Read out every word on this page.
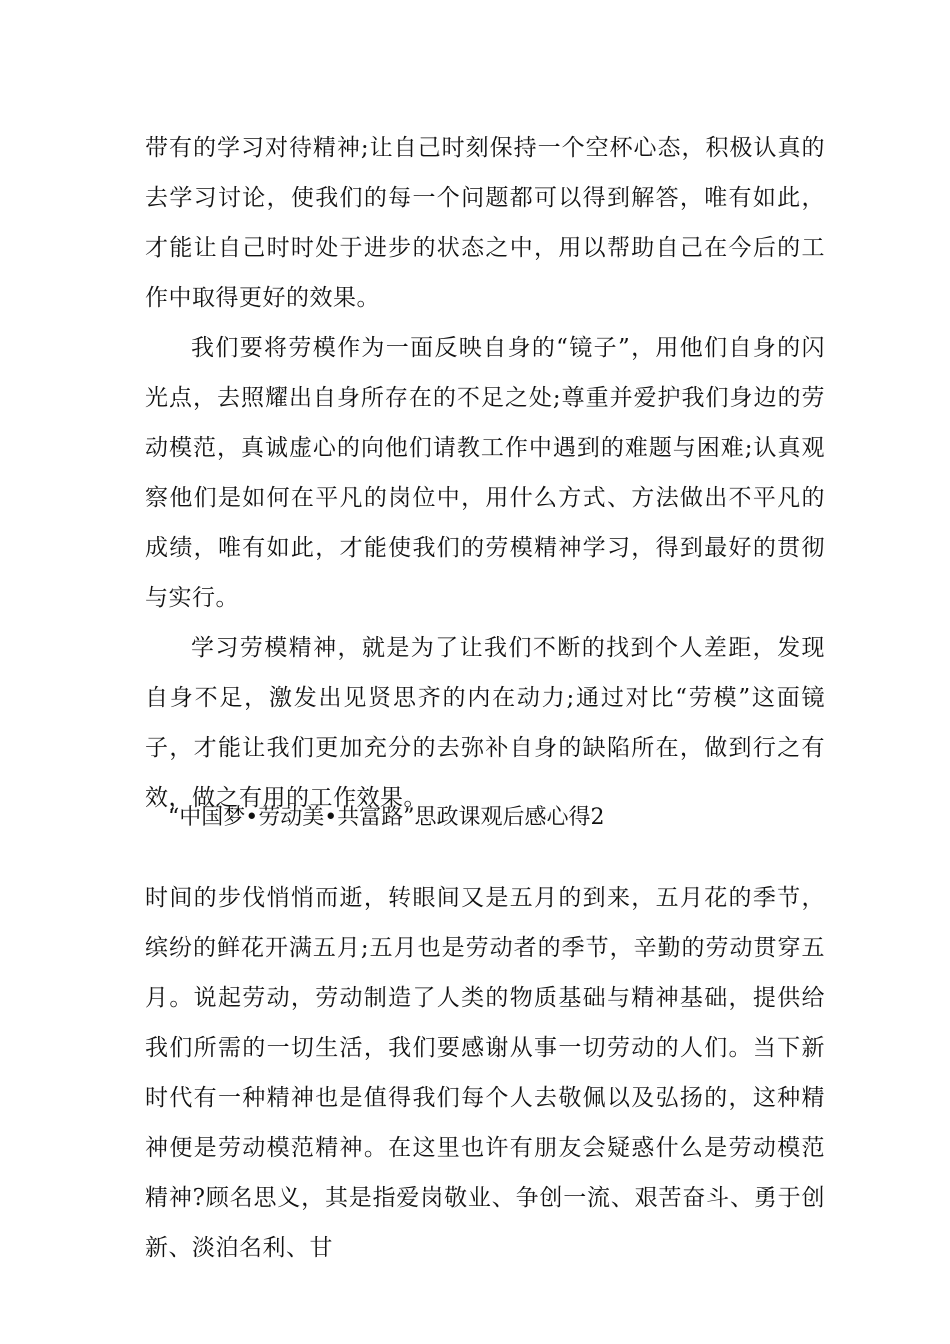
带有的学习对待精神;让自己时刻保持一个空杯心态，积极认真的去学习讨论，使我们的每一个问题都可以得到解答，唯有如此，才能让自己时时处于进步的状态之中，用以帮助自己在今后的工作中取得更好的效果。

我们要将劳模作为一面反映自身的“镜子”，用他们自身的闪光点，去照耀出自身所存在的不足之处;尊重并爱护我们身边的劳动模范，真诚虚心的向他们请教工作中遇到的难题与困难;认真观察他们是如何在平凡的岗位中，用什么方式、方法做出不平凡的成绩，唯有如此，才能使我们的劳模精神学习，得到最好的贯彻与实行。

学习劳模精神，就是为了让我们不断的找到个人差距，发现自身不足，激发出见贤思齐的内在动力;通过对比“劳模”这面镜子，才能让我们更加充分的去弥补自身的缺陷所在，做到行之有效，做之有用的工作效果。

“中国梦•劳动美•共富路”思政课观后感心得2

时间的步伐悄悄而逝，转眼间又是五月的到来，五月花的季节，缤纷的鲜花开满五月;五月也是劳动者的季节，辛勤的劳动贯穿五月。说起劳动，劳动制造了人类的物质基础与精神基础，提供给我们所需的一切生活，我们要感谢从事一切劳动的人们。当下新时代有一种精神也是值得我们每个人去敬佩以及弘扬的，这种精神便是劳动模范精神。在这里也许有朋友会疑惑什么是劳动模范精神?顾名思义，其是指爱岗敬业、争创一流、艰苦奋斗、勇于创新、淡泊名利、甘
